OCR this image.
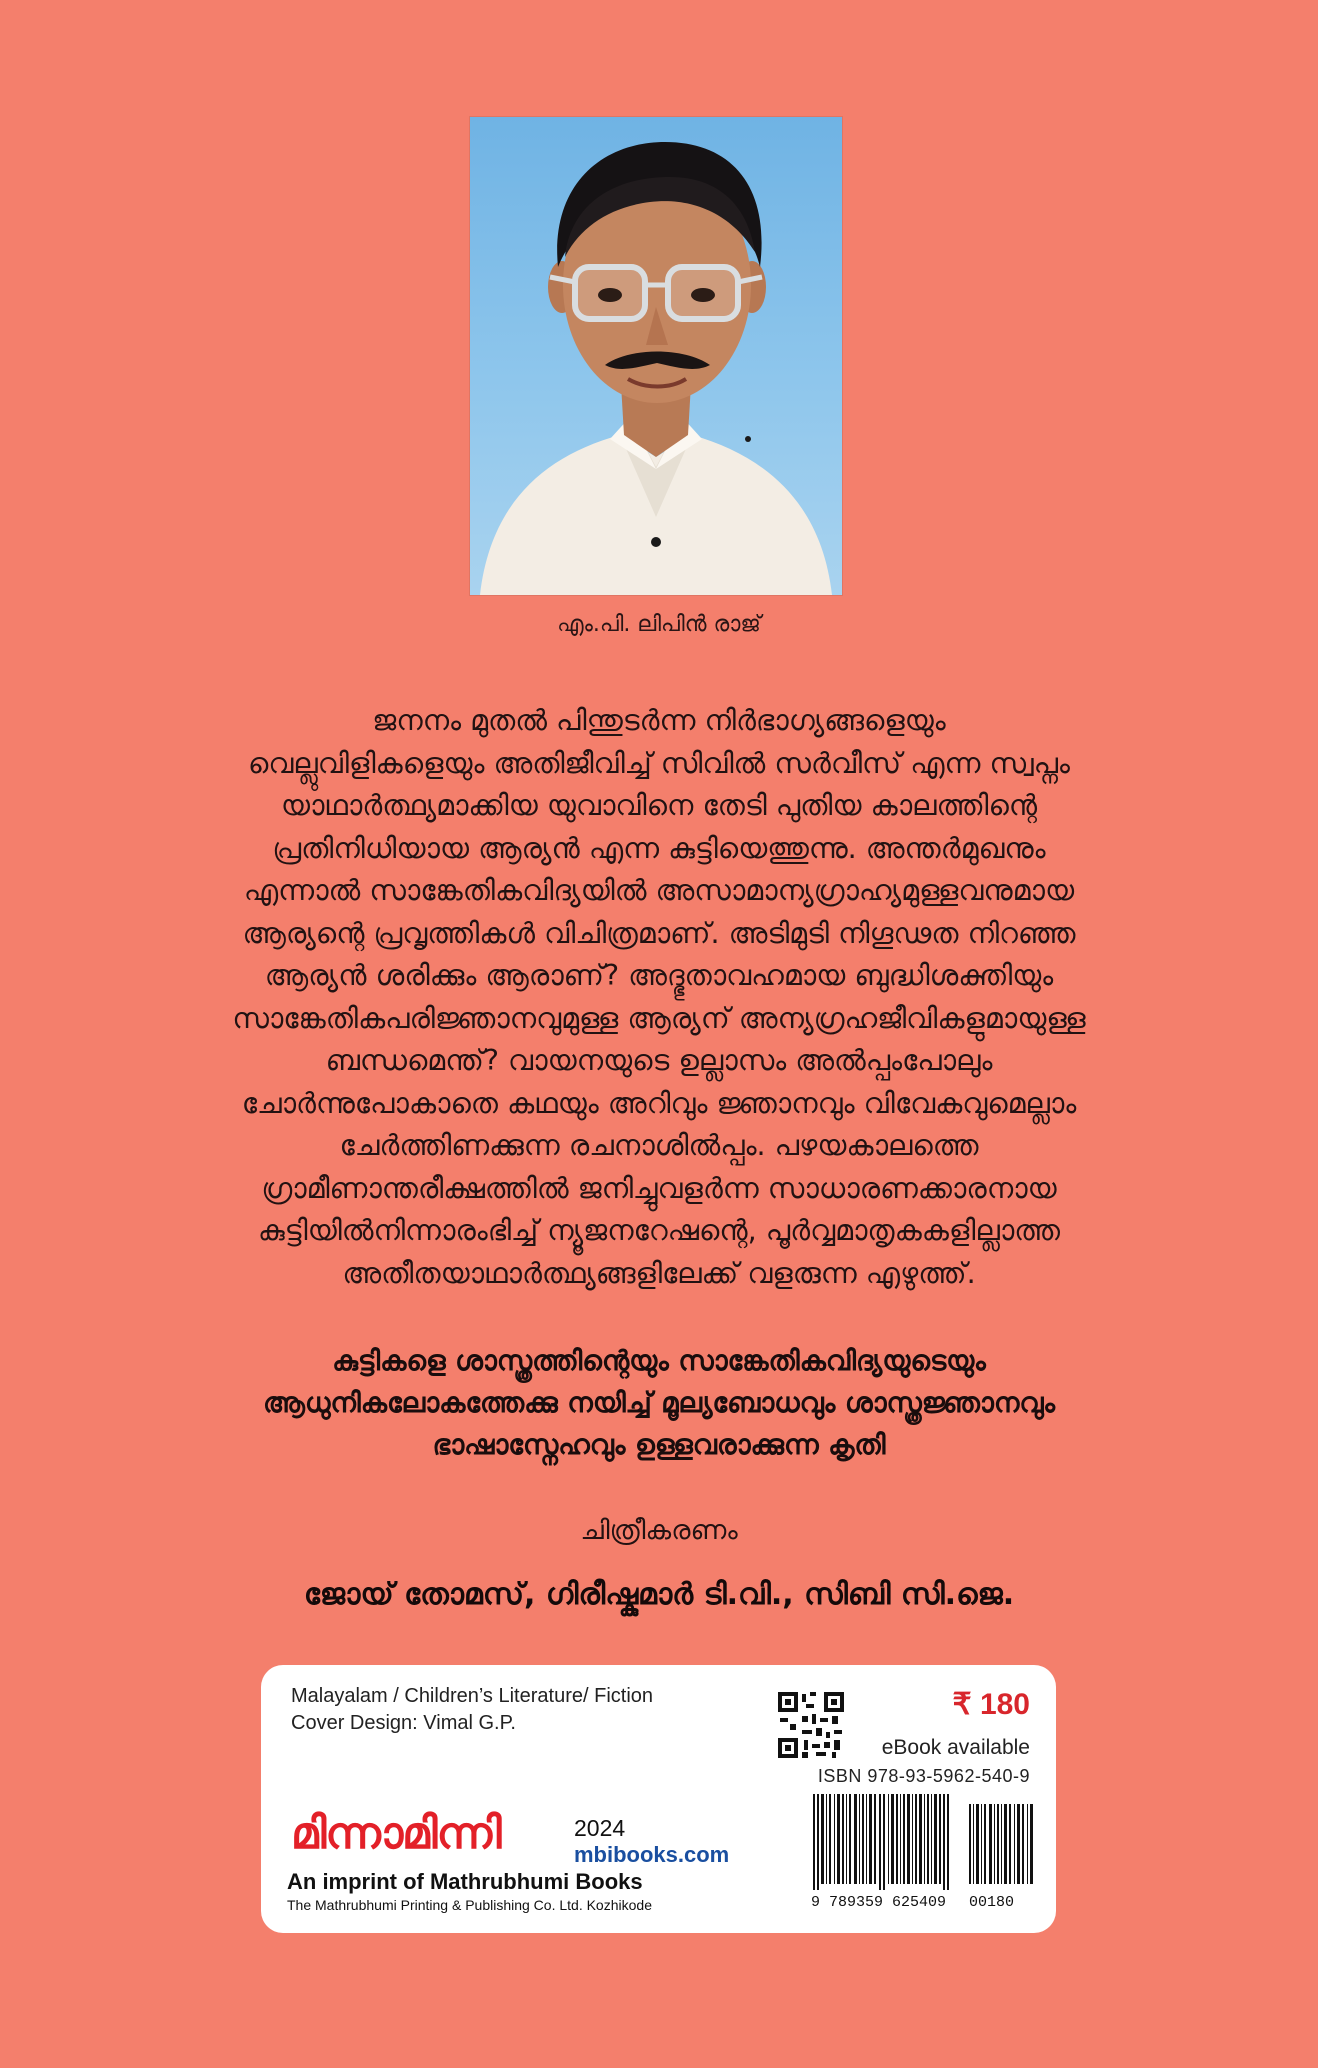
എം.പി. ലിപിൻ രാജ്

ജനനം മുതൽ പിന്തുടർന്ന നിർഭാഗ്യങ്ങളെയും

വെല്ലുവിളികളെയും അതിജീവിച്ച് സിവിൽ സർവീസ് എന്ന സ്വപ്നം

യാഥാർത്ഥ്യമാക്കിയ യുവാവിനെ തേടി പുതിയ കാലത്തിന്റെ

പ്രതിനിധിയായ ആര്യൻ എന്ന കുട്ടിയെത്തുന്നു. അന്തർമുഖനും

എന്നാൽ സാങ്കേതികവിദ്യയിൽ അസാമാന്യഗ്രാഹ്യമുള്ളവനുമായ

ആര്യന്റെ പ്രവൃത്തികൾ വിചിത്രമാണ്. അടിമുടി നിഗൂഢത നിറഞ്ഞ

ആര്യൻ ശരിക്കും ആരാണ്? അദ്ഭുതാവഹമായ ബുദ്ധിശക്തിയും

സാങ്കേതികപരിജ്ഞാനവുമുള്ള ആര്യന് അന്യഗ്രഹജീവികളുമായുള്ള

ബന്ധമെന്ത്? വായനയുടെ ഉല്ലാസം അൽപ്പംപോലും

ചോർന്നുപോകാതെ കഥയും അറിവും ജ്ഞാനവും വിവേകവുമെല്ലാം

ചേർത്തിണക്കുന്ന രചനാശിൽപ്പം. പഴയകാലത്തെ

ഗ്രാമീണാന്തരീക്ഷത്തിൽ ജനിച്ചുവളർന്ന സാധാരണക്കാരനായ

കുട്ടിയിൽനിന്നാരംഭിച്ച് ന്യൂജനറേഷന്റെ, പൂർവ്വമാതൃകകളില്ലാത്ത

അതീതയാഥാർത്ഥ്യങ്ങളിലേക്ക് വളരുന്ന എഴുത്ത്.

കുട്ടികളെ ശാസ്ത്രത്തിന്റെയും സാങ്കേതികവിദ്യയുടെയും

ആധുനികലോകത്തേക്കു നയിച്ച് മൂല്യബോധവും ശാസ്ത്രജ്ഞാനവും

ഭാഷാസ്നേഹവും ഉള്ളവരാക്കുന്ന കൃതി

ചിത്രീകരണം
ജോയ് തോമസ്, ഗിരീഷ്കുമാർ ടി.വി., സിബി സി.ജെ.
Malayalam / Children’s Literature/ Fiction
Cover Design: Vimal G.P.
₹ 180
eBook available
ISBN 978-93-5962-540-9
9 789359 625409 00180
മിന്നാമിന്നി	2024
mbibooks.com
An imprint of Mathrubhumi Books
The Mathrubhumi Printing & Publishing Co. Ltd. Kozhikode
